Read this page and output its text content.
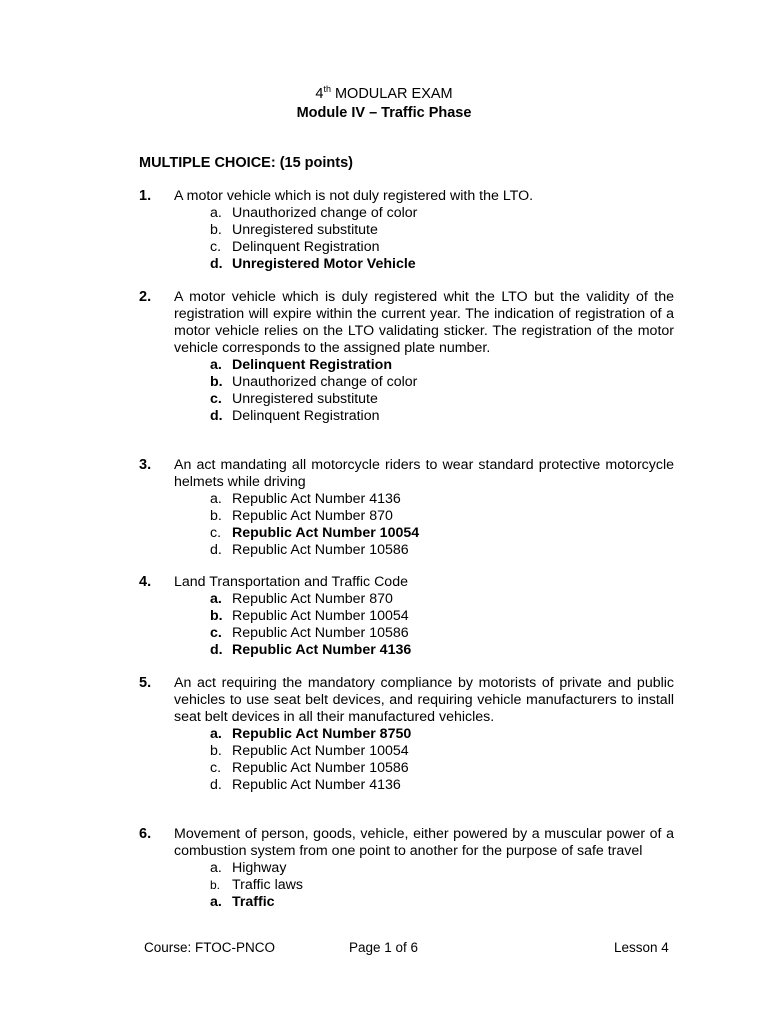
4th MODULAR EXAM
Module IV – Traffic Phase
MULTIPLE CHOICE: (15 points)
1. A motor vehicle which is not duly registered with the LTO.
a. Unauthorized change of color
b. Unregistered substitute
c. Delinquent Registration
d. Unregistered Motor Vehicle
2. A motor vehicle which is duly registered whit the LTO but the validity of the registration will expire within the current year. The indication of registration of a motor vehicle relies on the LTO validating sticker. The registration of the motor vehicle corresponds to the assigned plate number.
a. Delinquent Registration
b. Unauthorized change of color
c. Unregistered substitute
d. Delinquent Registration
3. An act mandating all motorcycle riders to wear standard protective motorcycle helmets while driving
a. Republic Act Number 4136
b. Republic Act Number 870
c. Republic Act Number 10054
d. Republic Act Number 10586
4. Land Transportation and Traffic Code
a. Republic Act Number 870
b. Republic Act Number 10054
c. Republic Act Number 10586
d. Republic Act Number 4136
5. An act requiring the mandatory compliance by motorists of private and public vehicles to use seat belt devices, and requiring vehicle manufacturers to install seat belt devices in all their manufactured vehicles.
a. Republic Act Number 8750
b. Republic Act Number 10054
c. Republic Act Number 10586
d. Republic Act Number 4136
6. Movement of person, goods, vehicle, either powered by a muscular power of a combustion system from one point to another for the purpose of safe travel
a. Highway
b. Traffic laws
a. Traffic
Course: FTOC-PNCO	Page 1 of 6	Lesson 4
